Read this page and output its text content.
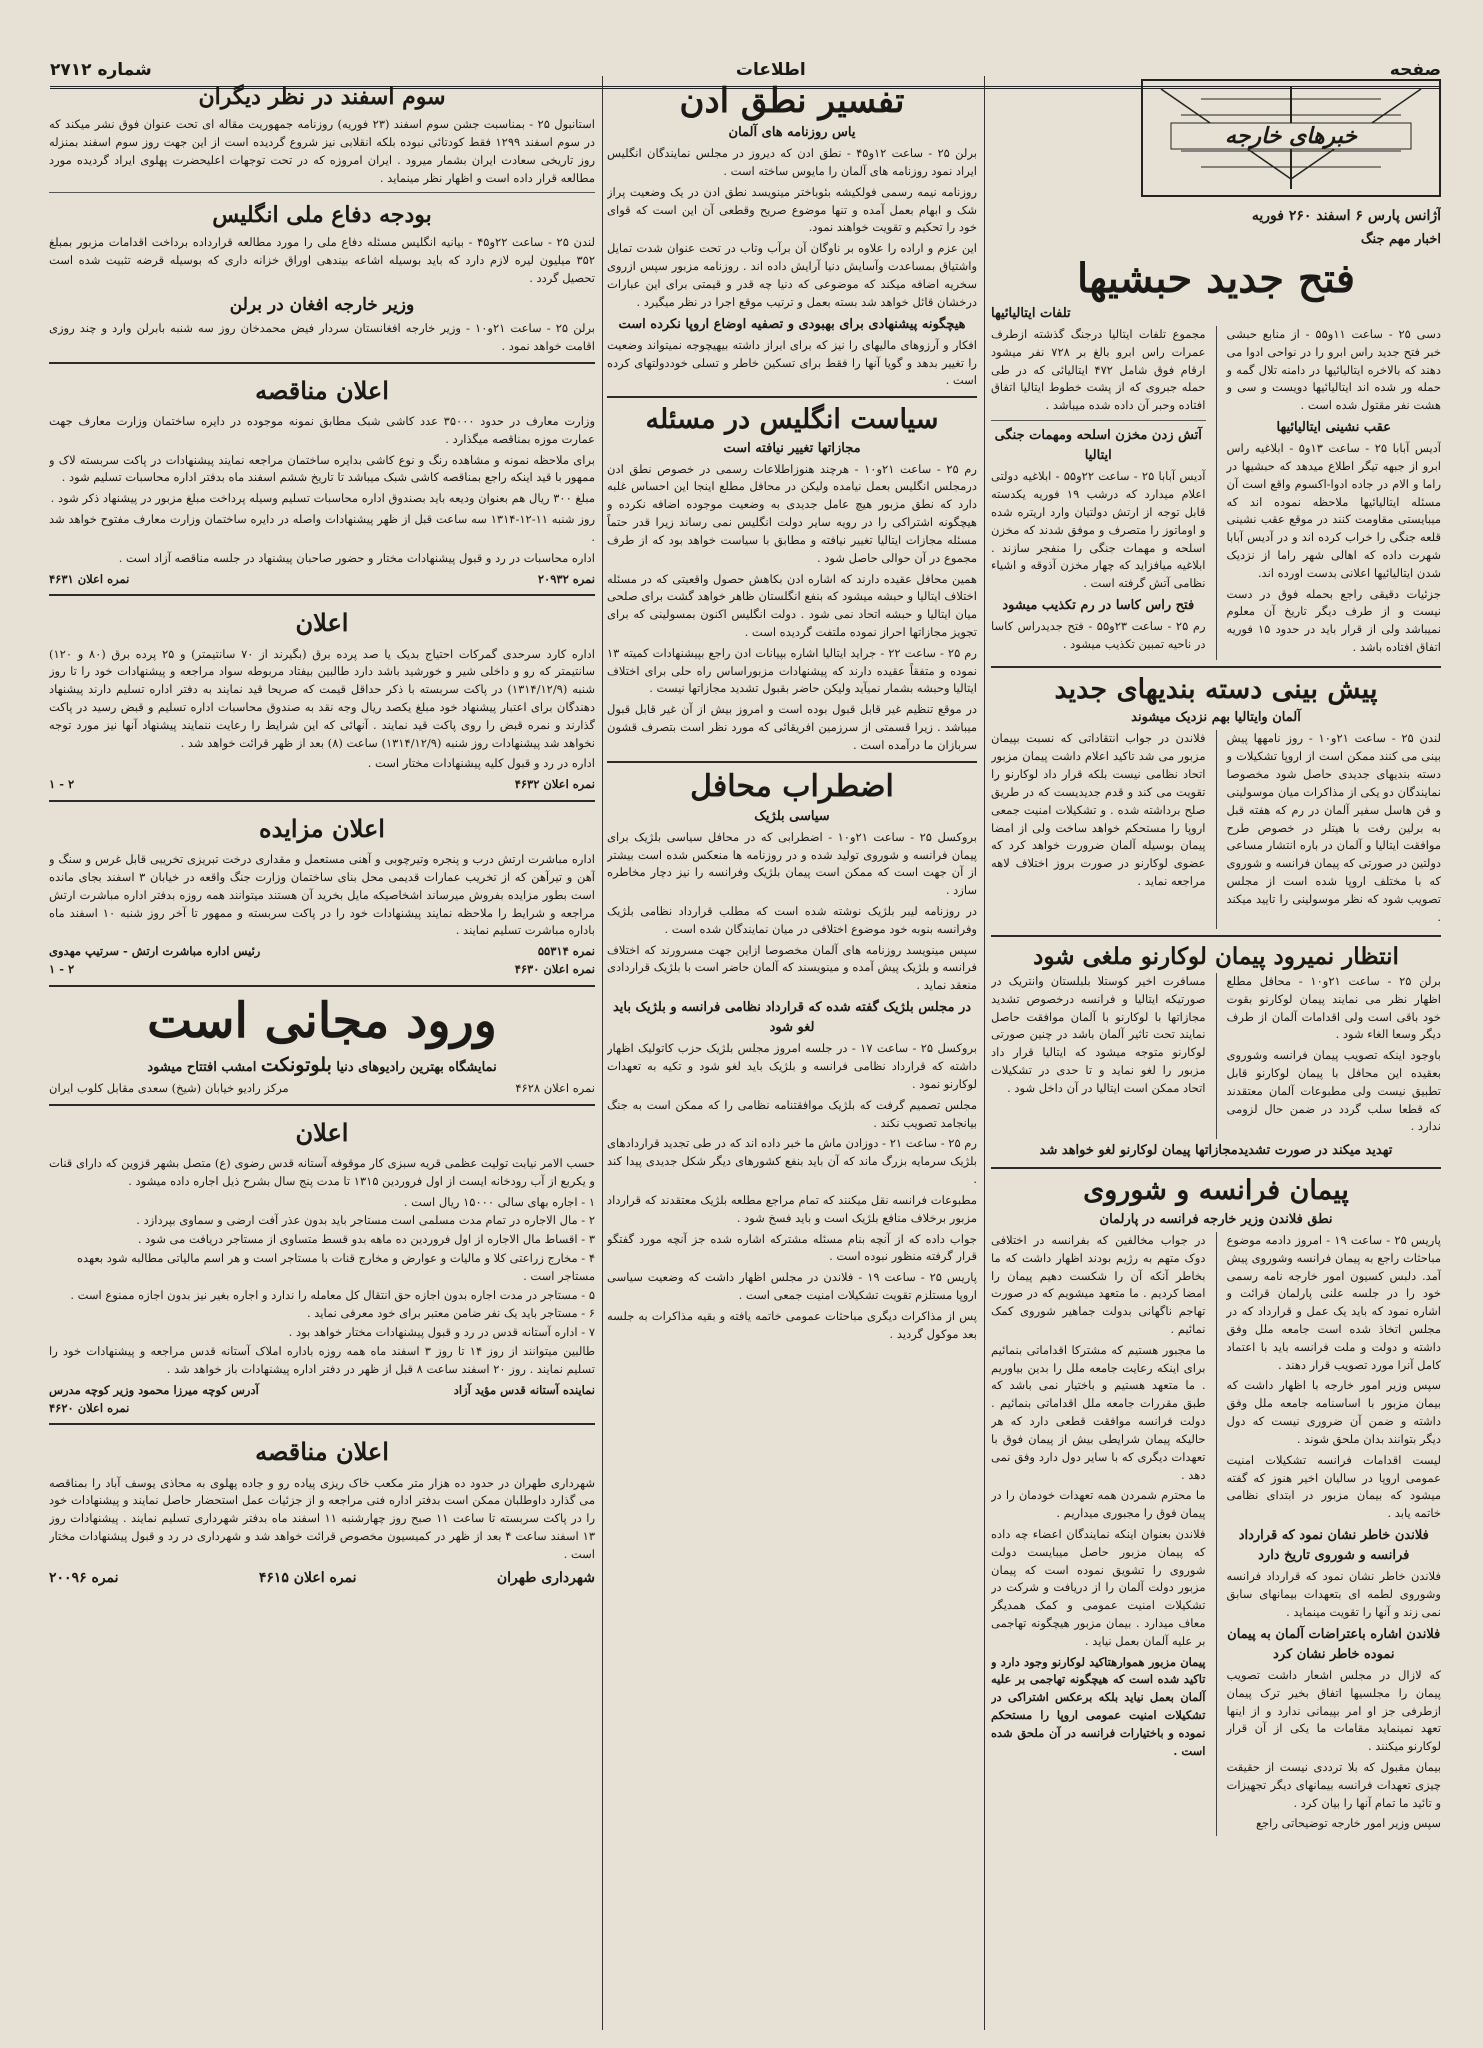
صفحه
اطلاعات
شماره ۲۷۱۲
خبرهای خارجه
آژانس پارس ۶ اسفند ۲۶۰ فوریه
اخبار مهم جنگ
فتح جدید حبشیها
تلفات ایتالیائیها

دسی ۲۵ - ساعت ۱۱و۵۵ - از منابع حبشی خبر فتح جدید راس ابرو را در نواحی ادوا می دهند که بالاخره ایتالیائیها در دامنه تلال گمه و حمله ور شده اند ایتالیائیها دویست و سی و هشت نفر مقتول شده است .

عقب نشینی ایتالیائیها

آدیس آبابا ۲۵ - ساعت ۱۳و۵ - ابلاغیه راس ابرو از جبهه تیگر اطلاع میدهد که حبشیها در راما و الام در جاده ادوا-اکسوم واقع است آن مسئله ایتالیائیها ملاحظه نموده اند که میبایستی مقاومت کنند در موقع عقب نشینی قلعه جنگی را خراب کرده اند و در آدیس آبابا شهرت داده که اهالی شهر راما از نزدیک شدن ایتالیائیها اعلانی بدست اورده اند.

جزئیات دقیقی راجع بحمله فوق در دست نیست و از طرف دیگر تاریخ آن معلوم نمیباشد ولی از قرار باید در حدود ۱۵ فوریه اتفاق افتاده باشد .

مجموع تلفات ایتالیا درجنگ گذشته ازطرف عمرات راس ابرو بالغ بر ۷۲۸ نفر میشود ارقام فوق شامل ۴۷۲ ایتالیائی که در طی حمله جبروی که از پشت خطوط ایتالیا اتفاق افتاده وحبر آن داده شده میباشد .

آتش زدن مخزن اسلحه ومهمات جنگی ایتالیا

آدیس آبابا ۲۵ - ساعت ۲۲و۵۵ - ابلاغیه دولتی اعلام میدارد که درشب ۱۹ فوریه یکدسته قابل توجه از ارتش دولتیان وارد اریتره شده و اوماتوز را متصرف و موفق شدند که مخزن اسلحه و مهمات جنگی را منفجر سازند . ابلاغیه میافزاید که چهار مخزن آذوقه و اشیاء نظامی آتش گرفته است .

فتح راس کاسا در رم تکذیب میشود

رم ۲۵ - ساعت ۲۳و۵۵ - فتح جدیدراس کاسا در ناحیه تمبین تکذیب میشود .

پیش بینی دسته بندیهای جدید
آلمان وایتالیا بهم نزدیک میشوند

لندن ۲۵ - ساعت ۲۱و۱۰ - روز نامهها پیش بینی می کنند ممکن است از اروپا تشکیلات و دسته بندیهای جدیدی حاصل شود مخصوصا نمایندگان دو یکی از مذاکرات میان موسولینی و فن هاسل سفیر آلمان در رم که هفته قبل به برلین رفت با هیتلر در خصوص طرح موافقت ایتالیا و آلمان در باره انتشار مساعی دولتین در صورتی که پیمان فرانسه و شوروی که با مختلف اروپا شده است از مجلس تصویب شود که نظر موسولینی را تایید میکند .

فلاندن در جواب انتقاداتی که نسبت بپیمان مزبور می شد تاکید اعلام داشت پیمان مزبور اتحاد نظامی نیست بلکه قرار داد لوکارنو را تقویت می کند و قدم جدیدیست که در طریق صلح برداشته شده . و تشکیلات امنیت جمعی اروپا را مستحکم خواهد ساخت ولی از امضا پیمان بوسیله آلمان ضرورت خواهد کرد که عضوی لوکارنو در صورت بروز اختلاف لاهه مراجعه نماید .

انتظار نمیرود پیمان لوکارنو ملغی شود

برلن ۲۵ - ساعت ۲۱و۱۰ - محافل مطلع اظهار نظر می نمایند پیمان لوکارنو بقوت خود باقی است ولی اقدامات آلمان از طرف دیگر وسعا الغاء شود .

باوجود اینکه تصویب پیمان فرانسه وشوروی بعقیده این محافل با پیمان لوکارنو قابل تطبیق نیست ولی مطبوعات آلمان معتقدند که قطعا سلب گردد در ضمن حال لزومی ندارد .

مسافرت اخیر کوستلا بلبلستان وانتریک در صورتیکه ایتالیا و فرانسه درخصوص تشدید مجازاتها با لوکارنو با آلمان موافقت حاصل نمایند تحت تاثیر آلمان باشد در چنین صورتی لوکارنو متوجه میشود که ایتالیا قرار داد مزبور را لغو نماید و تا حدی در تشکیلات اتحاد ممکن است ایتالیا در آن داخل شود .

تهدید میکند در صورت تشدیدمجازاتها پیمان لوکارنو لغو خواهد شد
پیمان فرانسه و شوروی
نطق فلاندن وزیر خارجه فرانسه در پارلمان

پاریس ۲۵ - ساعت ۱۹ - امروز دادمه موضوع مباحثات راجع به پیمان فرانسه وشوروی پیش آمد. دلبس کسیون امور خارجه نامه رسمی خود را در جلسه علنی پارلمان قرائت و اشاره نمود که باید یک عمل و قرارداد که در مجلس اتخاذ شده است جامعه ملل وفق داشته و دولت و ملت فرانسه باید با اعتماد کامل آنرا مورد تصویب قرار دهند .

سپس وزیر امور خارجه با اظهار داشت که بیمان مزبور با اساسنامه جامعه ملل وفق داشته و ضمن آن ضروری نیست که دول دیگر بتوانند بدان ملحق شوند .

لیست اقدامات فرانسه تشکیلات امنیت عمومی اروپا در سالیان اخیر هنوز که گفته میشود که بیمان مزبور در ابتدای نظامی خاتمه یابد .

فلاندن خاطر نشان نمود که قرارداد فرانسه و شوروی تاریخ دارد

فلاندن خاطر نشان نمود که قرارداد فرانسه وشوروی لطمه ای بتعهدات بیمانهای سابق نمی زند و آنها را تقویت مینماید .

فلاندن اشاره باعتراضات آلمان به پیمان نموده خاطر نشان کرد

که لازال در مجلس اشعار داشت تصویب پیمان را مجلسیها اتفاق بخیر ترک پیمان ازطرفی جز او امر بپیمانی ندارد و از اینها تعهد نمینماید مقامات ما یکی از آن قرار لوکارنو میکنند .

بیمان مقبول که بلا ترددی نیست از حقیقت چیزی تعهدات فرانسه بیمانهای دیگر تجهیزات و تائید ما تمام آنها را بیان کرد .

سپس وزیر امور خارجه توضیحاتی راجع

در جواب مخالفین که بفرانسه در اختلافی دوک متهم به رژیم بودند اظهار داشت که ما بخاطر آنکه آن را شکست دهیم پیمان را امضا کردیم . ما متعهد میشویم که در صورت تهاجم ناگهانی بدولت جماهیر شوروی کمک نمائیم .

ما مجبور هستیم که مشترکا اقداماتی بنمائیم برای اینکه رعایت جامعه ملل را بدین بیاوریم . ما متعهد هستیم و باختیار نمی باشد که طبق مقررات جامعه ملل اقداماتی بنمائیم . دولت فرانسه موافقت قطعی دارد که هر حالیکه پیمان شرایطی بیش از پیمان فوق با تعهدات دیگری که با سایر دول دارد وفق نمی دهد .

ما محترم شمردن همه تعهدات خودمان را در پیمان فوق را مجبوری میداریم .

فلاندن بعنوان اینکه نمایندگان اعضاء چه داده که پیمان مزبور حاصل میبایست دولت شوروی را تشویق نموده است که پیمان مزبور دولت آلمان را از دریافت و شرکت در تشکیلات امنیت عمومی و کمک همدیگر معاف میدارد . بیمان مزبور هیچگونه تهاجمی بر علیه آلمان بعمل نیاید .

پیمان مزبور هموارهتاکید لوکارنو وجود دارد و تاکید شده است که هیچگونه تهاجمی بر علیه آلمان بعمل نیاید بلکه برعکس اشتراکی در تشکیلات امنیت عمومی اروپا را مستحکم نموده و باختیارات فرانسه در آن ملحق شده است .

تفسیر نطق ادن
یاس روزنامه های آلمان

برلن ۲۵ - ساعت ۱۲و۴۵ - نطق ادن که دیروز در مجلس نمایندگان انگلیس ایراد نمود روزنامه های آلمان را مایوس ساخته است .

روزنامه نیمه رسمی فولکیشه بئوباختر مینویسد نطق ادن در یک وضعیت پراز شک و ابهام بعمل آمده و تنها موضوع صریح وقطعی آن این است که قوای خود را تحکیم و تقویت خواهند نمود.

این عزم و اراده را علاوه بر ناوگان آن برآب وتاب در تحت عنوان شدت تمایل واشتیاق بمساعدت وآسایش دنیا آرایش داده اند . روزنامه مزبور سپس ازروی سخریه اضافه میکند که موضوعی که دنیا چه قدر و قیمتی برای این عبارات درخشان قائل خواهد شد بسته بعمل و ترتیب موقع اجرا در نظر میگیرد .

هیچگونه پیشنهادی برای بهبودی و تصفیه اوضاع اروپا نکرده است

افکار و آرزوهای ماليهای را نیز که برای ابراز داشته بیهیچوجه نمیتواند وضعیت را تغییر بدهد و گویا آنها را فقط برای تسکین خاطر و تسلی خوددولتهای کرده است .

سیاست انگلیس در مسئله
مجازاتها تغییر نیافته است

رم ۲۵ - ساعت ۲۱و۱۰ - هرچند هنوزاطلاعات رسمی در خصوص نطق ادن درمجلس انگلیس بعمل نیامده ولیکن در محافل مطلع اینجا این احساس غلبه دارد که نطق مزبور هیچ عامل جدیدی به وضعیت موجوده اضافه نکرده و هیچگونه اشتراکی را در رویه سایر دولت انگلیس نمی رساند زیرا قدر حتماً مسئله مجازات ایتالیا تغییر نیافته و مطابق با سیاست خواهد بود که از طرف مجموع در آن حوالی حاصل شود .

همین محافل عقیده دارند که اشاره ادن بکاهش حصول واقعیتی که در مسئله اختلاف ایتالیا و حبشه میشود که بنفع انگلستان ظاهر خواهد گشت برای صلحی میان ایتالیا و حبشه اتحاد نمی شود . دولت انگلیس اکنون بمسولینی که برای تجویز مجازاتها احراز نموده ملتفت گردیده است .

رم ۲۵ - ساعت ۲۲ - جراید ایتالیا اشاره بپیانات ادن راجع بپیشنهادات کمیته ۱۳ نموده و متفقاً عقیده دارند که پیشنهادات مزبوراساس راه حلی برای اختلاف ایتالیا وحبشه بشمار نمیآید ولیکن حاضر بقبول تشدید مجازاتها نیست .

در موقع تنظیم غیر قابل قبول بوده است و امروز بیش از آن غیر قابل قبول میباشد . زیرا قسمتی از سرزمین افریقائی که مورد نظر است بتصرف قشون سربازان ما درآمده است .

اضطراب محافل
سیاسی بلژیک

بروکسل ۲۵ - ساعت ۲۱و۱۰ - اضطرابی که در محافل سیاسی بلژیک برای پیمان فرانسه و شوروی تولید شده و در روزنامه ها منعکس شده است بیشتر از آن جهت است که ممکن است پیمان بلژیک وفرانسه را نیز دچار مخاطره سازد .

در روزنامه لیبر بلژیک نوشته شده است که مطلب قرارداد نظامی بلژیک وفرانسه بنوبه خود موضوع اختلافی در میان نمایندگان شده است .

سپس مینویسد روزنامه های آلمان مخصوصا ازاین جهت مسرورند که اختلاف فرانسه و بلژیک پیش آمده و مینویسند که آلمان حاضر است با بلژیک قراردادی منعقد نماید .

در مجلس بلژیک گفته شده که قرارداد نظامی فرانسه و بلژیک باید لغو شود

بروکسل ۲۵ - ساعت ۱۷ - در جلسه امروز مجلس بلژیک حزب کاتولیک اظهار داشته که قرارداد نظامی فرانسه و بلژیک باید لغو شود و تکیه به تعهدات لوکارنو نمود .

مجلس تصمیم گرفت که بلژیک موافقتنامه نظامی را که ممکن است به جنگ بیانجامد تصویب نکند .

رم ۲۵ - ساعت ۲۱ - دوزادن ماش ما خبر داده اند که در طی تجدید قراردادهای بلژیک سرمایه بزرگ ماند که آن باید بنفع کشورهای دیگر شکل جدیدی پیدا کند .

مطبوعات فرانسه نقل میکنند که تمام مراجع مطلعه بلژیک معتقدند که قرارداد مزبور برخلاف منافع بلژیک است و باید فسخ شود .

جواب داده که از آنچه بنام مسئله مشترکه اشاره شده جز آنچه مورد گفتگو قرار گرفته منظور نبوده است .

پاریس ۲۵ - ساعت ۱۹ - فلاندن در مجلس اظهار داشت که وضعیت سیاسی اروپا مستلزم تقویت تشکیلات امنیت جمعی است .

پس از مذاکرات دیگری مباحثات عمومی خاتمه یافته و بقیه مذاکرات به جلسه بعد موکول گردید .

سوم اسفند در نظر دیگران

استانبول ۲۵ - بمناسبت جشن سوم اسفند (۲۳ فوریه) روزنامه جمهوریت مقاله ای تحت عنوان فوق نشر میکند که در سوم اسفند ۱۲۹۹ فقط کودتائی نبوده بلکه انقلابی نیز شروع گردیده است از این جهت روز سوم اسفند بمنزله روز تاریخی سعادت ایران بشمار میرود . ایران امروزه که در تحت توجهات اعلیحضرت پهلوی ایراد گردیده مورد مطالعه قرار داده است و اظهار نظر مینماید .

بودجه دفاع ملی انگلیس

لندن ۲۵ - ساعت ۲۲و۴۵ - بیانیه انگلیس مسئله دفاع ملی را مورد مطالعه قرارداده برداخت اقدامات مزبور بمبلغ ۳۵۲ میلیون لیره لازم دارد که باید بوسیله اشاعه بیندهی اوراق خزانه داری که بوسیله قرضه تثبیت شده است تحصیل گردد .

وزیر خارجه افغان در برلن

برلن ۲۵ - ساعت ۲۱و۱۰ - وزیر خارجه افغانستان سردار فیض محمدخان روز سه شنبه بابرلن وارد و چند روزی اقامت خواهد نمود .

اعلان مناقصه

وزارت معارف در حدود ۳۵۰۰۰ عدد کاشی شبک مطابق نمونه موجوده در دایره ساختمان وزارت معارف جهت عمارت موزه بمناقصه میگذارد .

برای ملاحظه نمونه و مشاهده رنگ و نوع کاشی بدایره ساختمان مراجعه نمایند پیشنهادات در پاکت سربسته لاک و ممهور با قید اینکه راجع بمناقصه کاشی شبک میباشد تا تاریخ ششم اسفند ماه بدفتر اداره محاسبات تسلیم شود .

مبلغ ۳۰۰ ریال هم بعنوان ودیعه باید بصندوق اداره محاسبات تسلیم وسیله پرداخت مبلغ مزبور در پیشنهاد ذکر شود .

روز شنبه ۱۱-۱۲-۱۳۱۴ سه ساعت قبل از ظهر پیشنهادات واصله در دایره ساختمان وزارت معارف مفتوح خواهد شد .

اداره محاسبات در رد و قبول پیشنهادات مختار و حضور صاحبان پیشنهاد در جلسه مناقصه آزاد است .

نمره ۲۰۹۳۲
نمره اعلان ۴۶۳۱
اعلان

اداره کارد سرحدی گمرکات احتیاج بدیک یا صد پرده برق (بگیرند از ۷۰ سانتیمتر) و ۲۵ پرده برق (۸۰ و ۱۲۰) سانتیمتر که رو و داخلی شیر و خورشید باشد دارد طالبین بیفتاد مربوطه سواد مراجعه و پیشنهادات خود را تا روز شنبه (۱۳۱۴/۱۲/۹) در پاکت سربسته با ذکر حداقل قیمت که صریحا قید نمایند به دفتر اداره تسلیم دارند پیشنهاد دهندگان برای اعتبار پیشنهاد خود مبلغ یکصد ریال وجه نقد به صندوق محاسبات اداره تسلیم و قبض رسید در پاکت گذارند و نمره قبض را روی پاکت قید نمایند . آنهائی که این شرایط را رعایت ننمایند پیشنهاد آنها نیز مورد توجه نخواهد شد پیشنهادات روز شنبه (۱۳۱۴/۱۲/۹) ساعت (۸) بعد از ظهر قرائت خواهد شد .

اداره در رد و قبول کلیه پیشنهادات مختار است .

نمره اعلان ۴۶۳۲
۲ - ۱
اعلان مزایده

اداره مباشرت ارتش درب و پنجره وتیرچوبی و آهنی مستعمل و مقداری درخت تبریزی تخریبی قابل غرس و سنگ و آهن و تیرآهن که از تخریب عمارات قدیمی محل بنای ساختمان وزارت جنگ واقعه در خیابان ۳ اسفند بجای مانده است بطور مزایده بفروش میرساند اشخاصیکه مایل بخرید آن هستند میتوانند همه روزه بدفتر اداره مباشرت ارتش مراجعه و شرایط را ملاحظه نمایند پیشنهادات خود را در پاکت سربسته و ممهور تا آخر روز شنبه ۱۰ اسفند ماه باداره مباشرت تسلیم نمایند .

نمره ۵۵۳۱۴
رئیس اداره مباشرت ارتش - سرتیپ مهدوی
نمره اعلان ۴۶۳۰
۲ - ۱
ورود مجانی است
نمایشگاه بهترین رادیوهای دنیا بلوتونکت امشب افتتاح میشود
نمره اعلان ۴۶۲۸
مرکز رادیو خیابان (شیخ) سعدی مقابل کلوب ایران
اعلان

حسب الامر نیابت تولیت عظمی قریه سبزی کار موقوفه آستانه قدس رضوی (ع) متصل بشهر قزوین که دارای قنات و یکربع از آب رودخانه ایست از اول فروردین ۱۳۱۵ تا مدت پنج سال بشرح ذیل اجاره داده میشود .

۱ - اجاره بهای سالی ۱۵۰۰۰ ریال است .
۲ - مال الاجاره در تمام مدت مسلمی است مستاجر باید بدون عذر آفت ارضی و سماوی بپردازد .
۳ - اقساط مال الاجاره از اول فروردین ده ماهه بدو قسط متساوی از مستاجر دریافت می شود .
۴ - مخارج زراعتی کلا و مالیات و عوارض و مخارج قنات با مستاجر است و هر اسم مالیاتی مطالبه شود بعهده مستاجر است .
۵ - مستاجر در مدت اجاره بدون اجازه حق انتقال کل معامله را ندارد و اجاره بغیر نیز بدون اجازه ممنوع است .
۶ - مستاجر باید یک نفر ضامن معتبر برای خود معرفی نماید .
۷ - اداره آستانه قدس در رد و قبول پیشنهادات مختار خواهد بود .

طالبین میتوانند از روز ۱۴ تا روز ۳ اسفند ماه همه روزه باداره املاک آستانه قدس مراجعه و پیشنهادات خود را تسلیم نمایند . روز ۲۰ اسفند ساعت ۸ قبل از ظهر در دفتر اداره پیشنهادات باز خواهد شد .

نماینده آستانه قدس مؤید آزاد
آدرس کوچه میرزا محمود وزیر کوچه مدرس
نمره اعلان ۴۶۲۰
اعلان مناقصه

شهرداری طهران در حدود ده هزار متر مکعب خاک ریزی پیاده رو و جاده پهلوی به محاذی یوسف آباد را بمناقصه می گذارد داوطلبان ممکن است بدفتر اداره فنی مراجعه و از جزئیات عمل استحضار حاصل نمایند و پیشنهادات خود را در پاکت سربسته تا ساعت ۱۱ صبح روز چهارشنبه ۱۱ اسفند ماه بدفتر شهرداری تسلیم نمایند . پیشنهادات روز ۱۳ اسفند ساعت ۴ بعد از ظهر در کمیسیون مخصوص قرائت خواهد شد و شهرداری در رد و قبول پیشنهادات مختار است .

شهرداری طهران
نمره اعلان ۴۶۱۵
نمره ۲۰۰۹۶
